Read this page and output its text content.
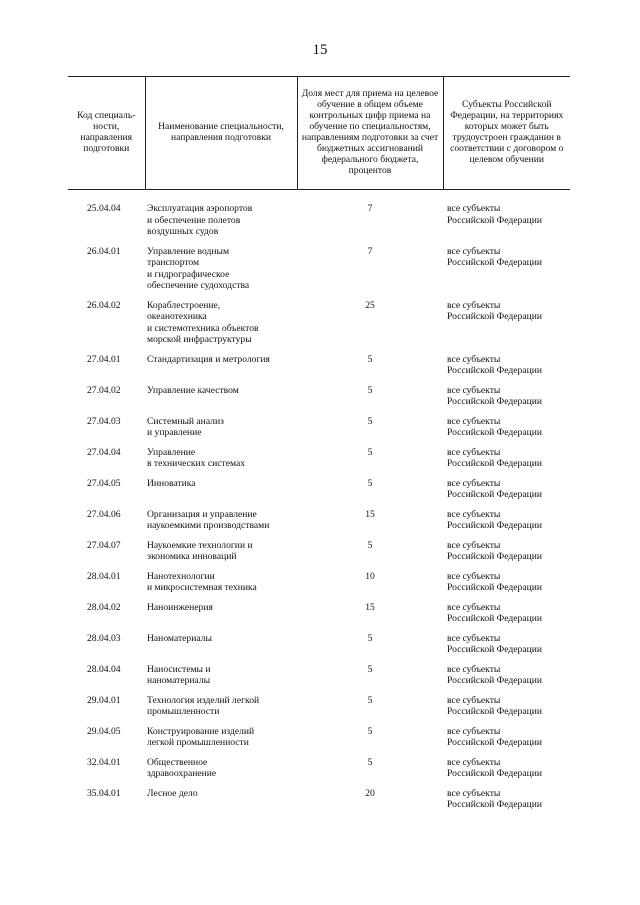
15
Код специаль-ности, направления подготовки	Наименование специальности, направления подготовки	Доля мест для приема на целевое обучение в общем объеме контрольных цифр приема на обучение по специальностям, направлениям подготовки за счет бюджетных ассигнований федерального бюджета, процентов	Субъекты Российской Федерации, на территориях которых может быть трудоустроен гражданин в соответствии с договором о целевом обучении
25.04.04	Эксплуатация аэропортов
и обеспечение полетов
воздушных судов	7	все субъекты
Российской Федерации
26.04.01	Управление водным
транспортом
и гидрографическое
обеспечение судоходства	7	все субъекты
Российской Федерации
26.04.02	Кораблестроение,
океанотехника
и системотехника объектов
морской инфраструктуры	25	все субъекты
Российской Федерации
27.04.01	Стандартизация и метрология	5	все субъекты
Российской Федерации
27.04.02	Управление качеством	5	все субъекты
Российской Федерации
27.04.03	Системный анализ
и управление	5	все субъекты
Российской Федерации
27.04.04	Управление
в технических системах	5	все субъекты
Российской Федерации
27.04.05	Инноватика	5	все субъекты
Российской Федерации
27.04.06	Организация и управление
наукоемкими производствами	15	все субъекты
Российской Федерации
27.04.07	Наукоемкие технологии и
экономика инноваций	5	все субъекты
Российской Федерации
28.04.01	Нанотехнологии
и микросистемная техника	10	все субъекты
Российской Федерации
28.04.02	Наноинженерия	15	все субъекты
Российской Федерации
28.04.03	Наноматериалы	5	все субъекты
Российской Федерации
28.04.04	Наносистемы и
наноматериалы	5	все субъекты
Российской Федерации
29.04.01	Технология изделий легкой
промышленности	5	все субъекты
Российской Федерации
29.04.05	Конструирование изделий
легкой промышленности	5	все субъекты
Российской Федерации
32.04.01	Общественное
здравоохранение	5	все субъекты
Российской Федерации
35.04.01	Лесное дело	20	все субъекты
Российской Федерации
